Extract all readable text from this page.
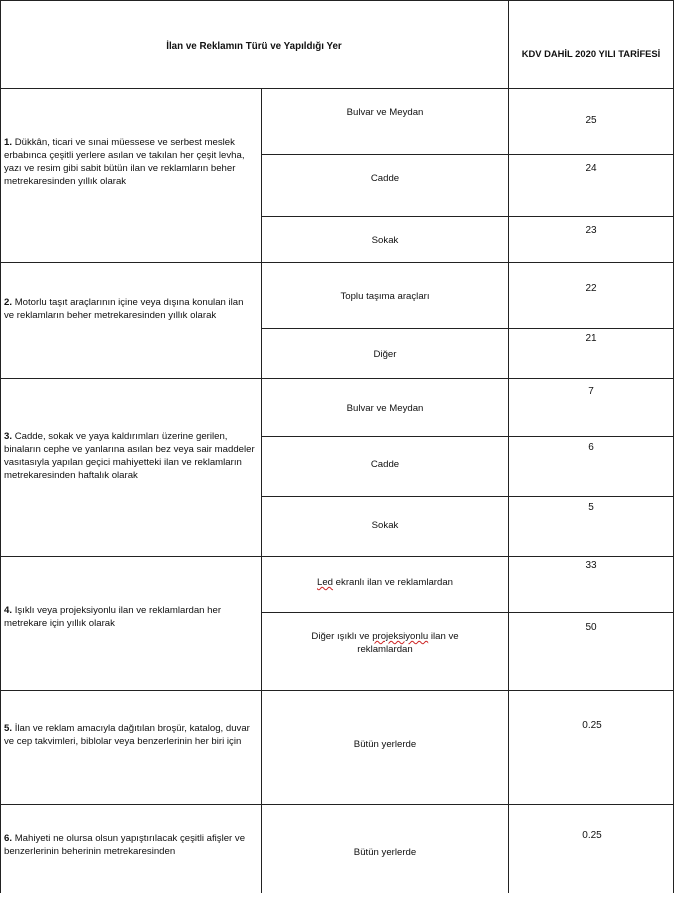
İlan ve Reklamın Türü ve Yapıldığı Yer
KDV DAHİL 2020 YILI TARİFESİ
1. Dükkân, ticari ve sınai müessese ve serbest meslek erbabınca çeşitli yerlere asılan ve takılan her çeşit levha, yazı ve resim gibi sabit bütün ilan ve reklamların beher metrekaresinden yıllık olarak
Bulvar ve Meydan
Cadde
Sokak
25
24
23
2. Motorlu taşıt araçlarının içine veya dışına konulan ilan ve reklamların beher metrekaresinden yıllık olarak
Toplu taşıma araçları
Diğer
22
21
3. Cadde, sokak ve yaya kaldırımları üzerine gerilen, binaların cephe ve yanlarına asılan bez veya sair maddeler vasıtasıyla yapılan geçici mahiyetteki ilan ve reklamların metrekaresinden haftalık olarak
Bulvar ve Meydan
Cadde
Sokak
7
6
5
4. Işıklı veya projeksiyonlu ilan ve reklamlardan her metrekare için yıllık olarak
Led ekranlı ilan ve reklamlardan
Diğer ışıklı ve projeksiyonlu ilan ve reklamlardan
33
50
5. İlan ve reklam amacıyla dağıtılan broşür, katalog, duvar ve cep takvimleri, biblolar veya benzerlerinin her biri için	Bütün yerlerde
0.25
6. Mahiyeti ne olursa olsun yapıştırılacak çeşitli afişler ve benzerlerinin beherinin metrekaresinden	Bütün yerlerde
0.25
